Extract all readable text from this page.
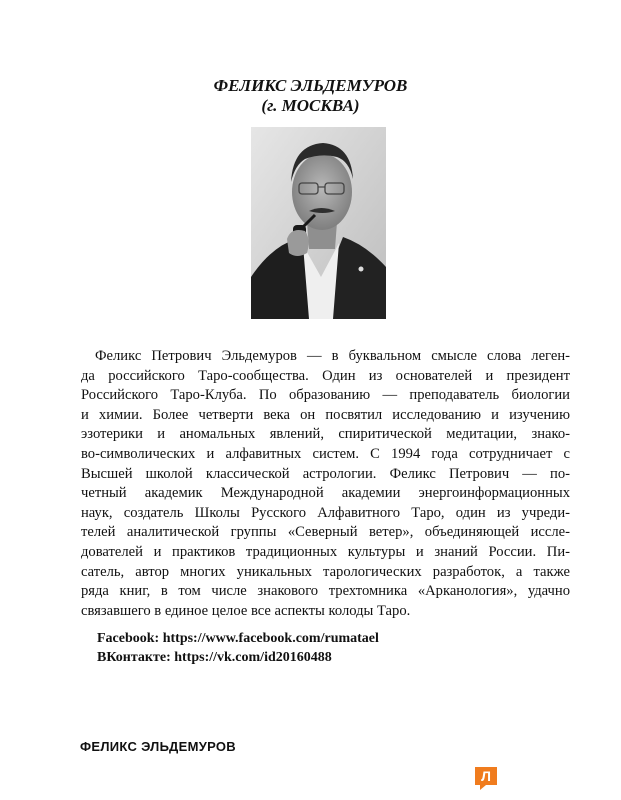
ФЕЛИКС ЭЛЬДЕМУРОВ
(г. МОСКВА)
Феликс Петрович Эльдемуров — в буквальном смысле слова леген-
да российского Таро-сообщества. Один из основателей и президент
Российского Таро-Клуба. По образованию — преподаватель биологии
и химии. Более четверти века он посвятил исследованию и изучению
эзотерики и аномальных явлений, спиритической медитации, знако-
во-символических и алфавитных систем. С 1994 года сотрудничает с
Высшей школой классической астрологии. Феликс Петрович — по-
четный академик Международной академии энергоинформационных
наук, создатель Школы Русского Алфавитного Таро, один из учреди-
телей аналитической группы «Северный ветер», объединяющей иссле-
дователей и практиков традиционных культуры и знаний России. Пи-
сатель, автор многих уникальных тарологических разработок, а также
ряда книг, в том числе знакового трехтомника «Арканология», удачно
связавшего в единое целое все аспекты колоды Таро.
Facebook: https://www.facebook.com/rumatael
ВКонтакте: https://vk.com/id20160488
ФЕЛИКС ЭЛЬДЕМУРОВ
Л
